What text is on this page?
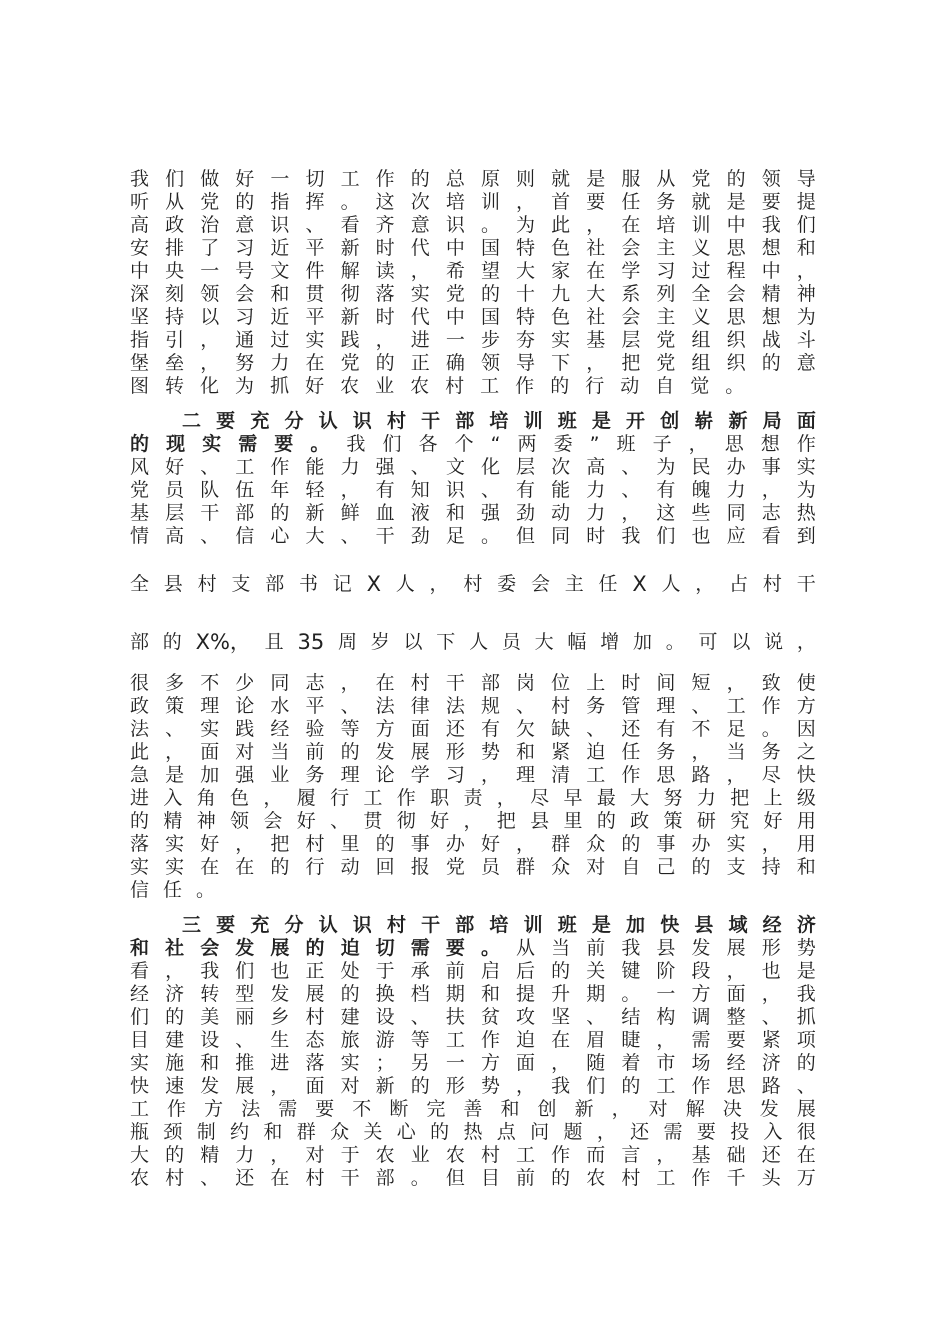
我 们 做 好 一 切 工 作 的 总 原 则 就 是 服 从 党 的 领 导
听 从 党 的 指 挥 。 这 次 培 训 ， 首 要 任 务 就 是 要 提
高 政 治 意 识 、 看 齐 意 识 。 为 此 ， 在 培 训 中 我 们
安 排 了 习 近 平 新 时 代 中 国 特 色 社 会 主 义 思 想 和
中 央 一 号 文 件 解 读 ， 希 望 大 家 在 学 习 过 程 中 ，
深 刻 领 会 和 贯 彻 落 实 党 的 十 九 大 系 列 全 会 精 神
坚 持 以 习 近 平 新 时 代 中 国 特 色 社 会 主 义 思 想 为
指 引 ， 通 过 实 践 ， 进 一 步 夯 实 基 层 党 组 织 战 斗
堡 垒 ， 努 力 在 党 的 正 确 领 导 下 ， 把 党 组 织 的 意
图 转 化 为 抓 好 农 业 农 村 工 作 的 行 动 自 觉 。
二 要 充 分 认 识 村 干 部 培 训 班 是 开 创 崭 新 局 面
的 现 实 需 要 。 我 们 各 个 “ 两 委 ” 班 子 ， 思 想 作
风 好 、 工 作 能 力 强 、 文 化 层 次 高 、 为 民 办 事 实
党 员 队 伍 年 轻 ， 有 知 识 、 有 能 力 、 有 魄 力 ， 为
基 层 干 部 的 新 鲜 血 液 和 强 劲 动 力 ， 这 些 同 志 热
情 高 、 信 心 大 、 干 劲 足 。 但 同 时 我 们 也 应 看 到
全 县 村 支 部 书 记 X 人 ， 村 委 会 主 任 X 人 ， 占 村 干
部 的 X%， 且 35 周 岁 以 下 人 员 大 幅 增 加 。 可 以 说 ，
很 多 不 少 同 志 ， 在 村 干 部 岗 位 上 时 间 短 ， 致 使
政 策 理 论 水 平 、 法 律 法 规 、 村 务 管 理 、 工 作 方
法 、 实 践 经 验 等 方 面 还 有 欠 缺 、 还 有 不 足 。 因
此 ， 面 对 当 前 的 发 展 形 势 和 紧 迫 任 务 ， 当 务 之
急 是 加 强 业 务 理 论 学 习 ， 理 清 工 作 思 路 ， 尽 快
进 入 角 色 ， 履 行 工 作 职 责 ， 尽 早 最 大 努 力 把 上 级
的 精 神 领 会 好 、 贯 彻 好 ， 把 县 里 的 政 策 研 究 好 用
落 实 好 ， 把 村 里 的 事 办 好 ， 群 众 的 事 办 实 ， 用
实 实 在 在 的 行 动 回 报 党 员 群 众 对 自 己 的 支 持 和
信 任 。
三 要 充 分 认 识 村 干 部 培 训 班 是 加 快 县 域 经 济
和 社 会 发 展 的 迫 切 需 要 。 从 当 前 我 县 发 展 形 势
看 ， 我 们 也 正 处 于 承 前 启 后 的 关 键 阶 段 ， 也 是
经 济 转 型 发 展 的 换 档 期 和 提 升 期 。 一 方 面 ， 我
们 的 美 丽 乡 村 建 设 、 扶 贫 攻 坚 、 结 构 调 整 、 抓
目 建 设 、 生 态 旅 游 等 工 作 迫 在 眉 睫 ， 需 要 紧 项
实 施 和 推 进 落 实 ； 另 一 方 面 ， 随 着 市 场 经 济 的
快 速 发 展 ， 面 对 新 的 形 势 ， 我 们 的 工 作 思 路 、
工 作 方 法 需 要 不 断 完 善 和 创 新 ， 对 解 决 发 展
瓶 颈 制 约 和 群 众 关 心 的 热 点 问 题 ， 还 需 要 投 入 很
大 的 精 力 ， 对 于 农 业 农 村 工 作 而 言 ， 基 础 还 在
农 村 、 还 在 村 干 部 。 但 目 前 的 农 村 工 作 千 头 万
